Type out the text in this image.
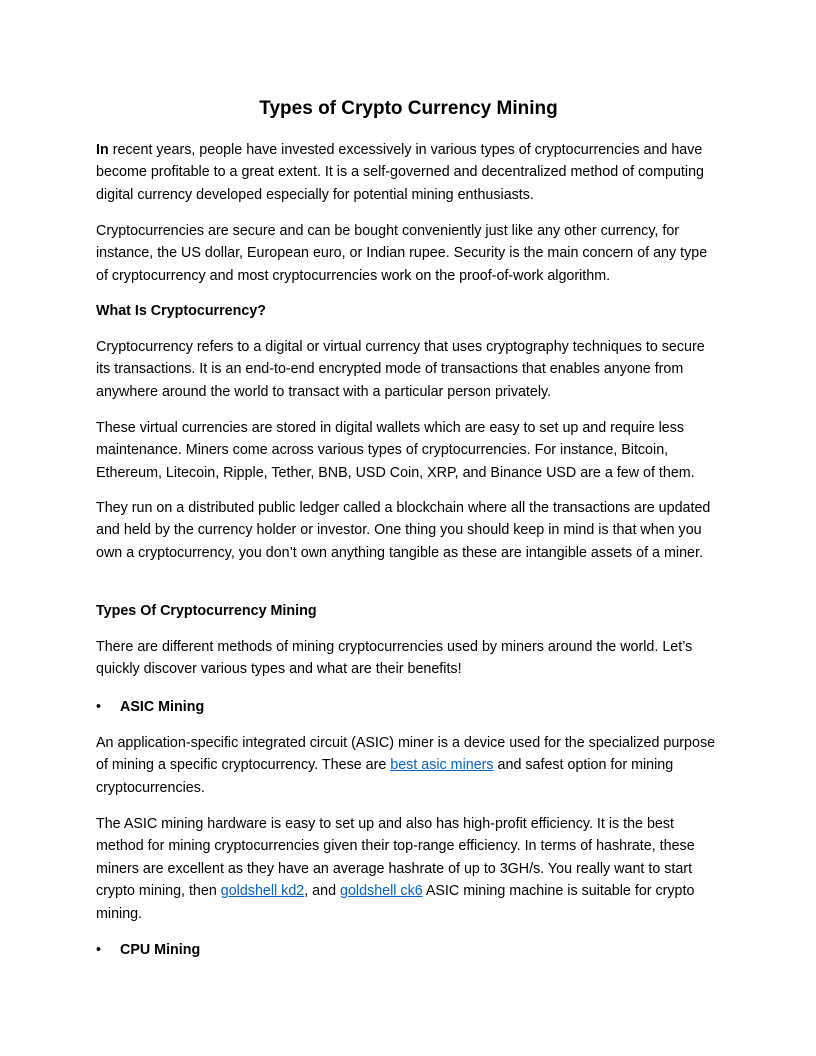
Types of Crypto Currency Mining

In recent years, people have invested excessively in various types of cryptocurrencies and have become profitable to a great extent. It is a self-governed and decentralized method of computing digital currency developed especially for potential mining enthusiasts.

Cryptocurrencies are secure and can be bought conveniently just like any other currency, for instance, the US dollar, European euro, or Indian rupee. Security is the main concern of any type of cryptocurrency and most cryptocurrencies work on the proof-of-work algorithm.

What Is Cryptocurrency?

Cryptocurrency refers to a digital or virtual currency that uses cryptography techniques to secure its transactions. It is an end-to-end encrypted mode of transactions that enables anyone from anywhere around the world to transact with a particular person privately.

These virtual currencies are stored in digital wallets which are easy to set up and require less maintenance. Miners come across various types of cryptocurrencies. For instance, Bitcoin, Ethereum, Litecoin, Ripple, Tether, BNB, USD Coin, XRP, and Binance USD are a few of them.

They run on a distributed public ledger called a blockchain where all the transactions are updated and held by the currency holder or investor. One thing you should keep in mind is that when you own a cryptocurrency, you don’t own anything tangible as these are intangible assets of a miner.

Types Of Cryptocurrency Mining

There are different methods of mining cryptocurrencies used by miners around the world. Let’s quickly discover various types and what are their benefits!

• ASIC Mining

An application-specific integrated circuit (ASIC) miner is a device used for the specialized purpose of mining a specific cryptocurrency. These are best asic miners and safest option for mining cryptocurrencies.

The ASIC mining hardware is easy to set up and also has high-profit efficiency. It is the best method for mining cryptocurrencies given their top-range efficiency. In terms of hashrate, these miners are excellent as they have an average hashrate of up to 3GH/s. You really want to start crypto mining, then goldshell kd2, and goldshell ck6 ASIC mining machine is suitable for crypto mining.

• CPU Mining
